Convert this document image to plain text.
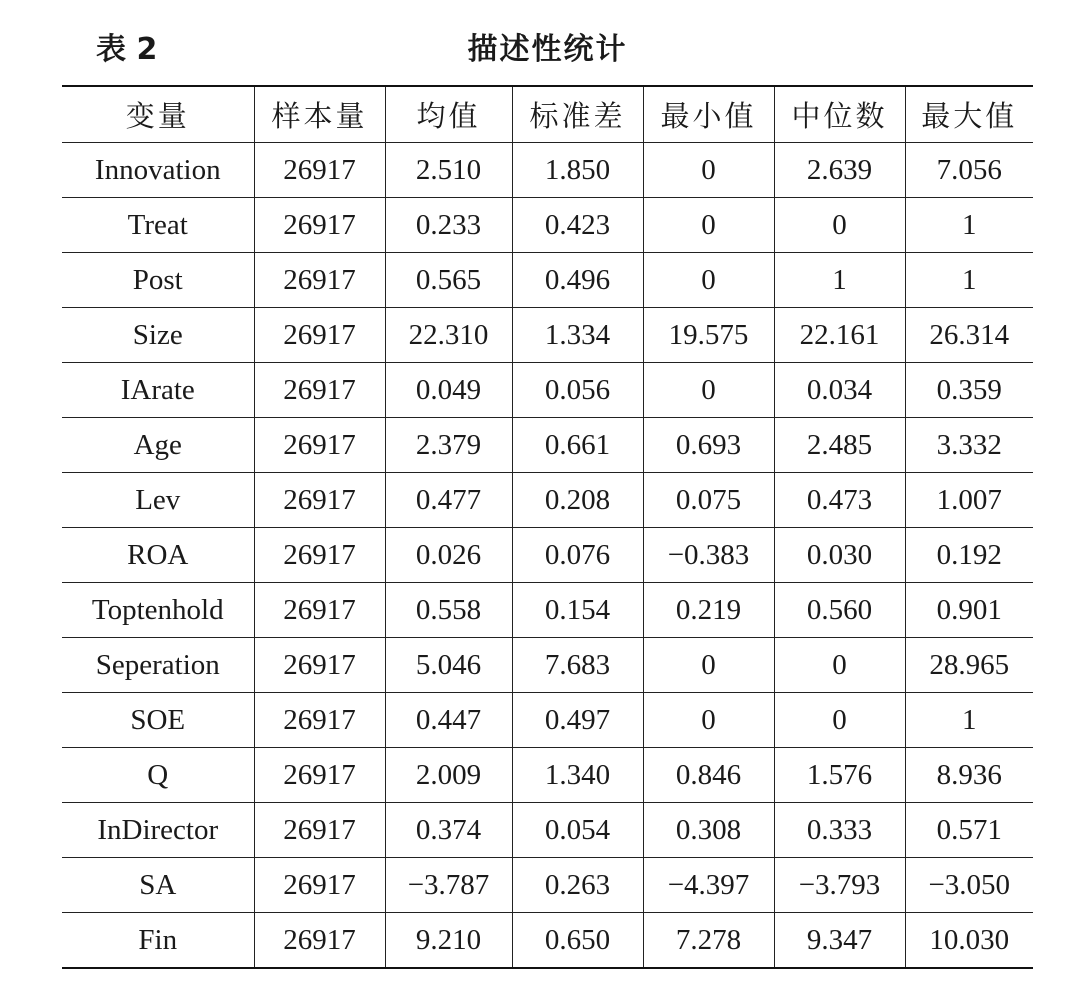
表 2	描述性统计
变量	样本量	均值	标准差	最小值	中位数	最大值
Innovation	26917	2.510	1.850	0	2.639	7.056
Treat	26917	0.233	0.423	0	0	1
Post	26917	0.565	0.496	0	1	1
Size	26917	22.310	1.334	19.575	22.161	26.314
IArate	26917	0.049	0.056	0	0.034	0.359
Age	26917	2.379	0.661	0.693	2.485	3.332
Lev	26917	0.477	0.208	0.075	0.473	1.007
ROA	26917	0.026	0.076	−0.383	0.030	0.192
Toptenhold	26917	0.558	0.154	0.219	0.560	0.901
Seperation	26917	5.046	7.683	0	0	28.965
SOE	26917	0.447	0.497	0	0	1
Q	26917	2.009	1.340	0.846	1.576	8.936
InDirector	26917	0.374	0.054	0.308	0.333	0.571
SA	26917	−3.787	0.263	−4.397	−3.793	−3.050
Fin	26917	9.210	0.650	7.278	9.347	10.030
